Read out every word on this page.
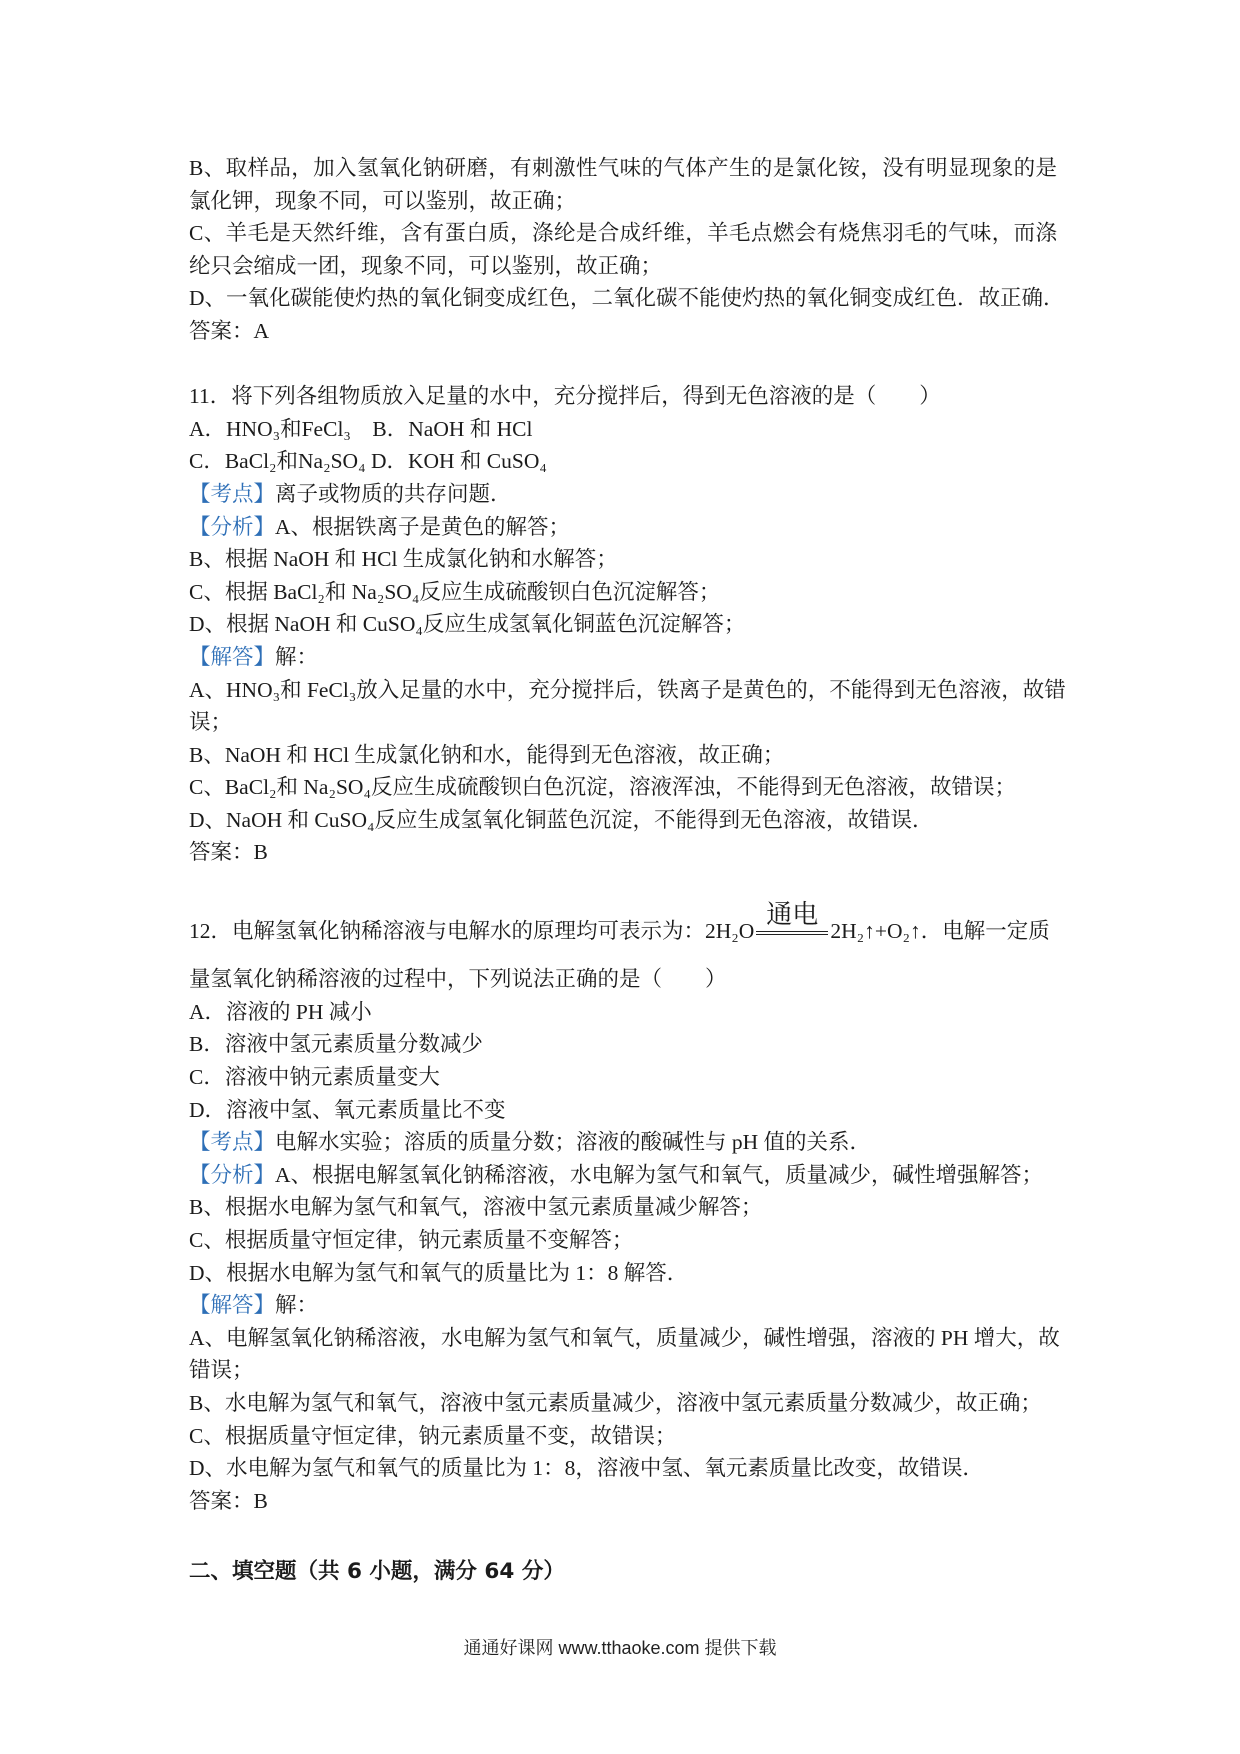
B、取样品，加入氢氧化钠研磨，有刺激性气味的气体产生的是氯化铵，没有明显现象的是
氯化钾，现象不同，可以鉴别，故正确；
C、羊毛是天然纤维，含有蛋白质，涤纶是合成纤维，羊毛点燃会有烧焦羽毛的气味，而涤
纶只会缩成一团，现象不同，可以鉴别，故正确；
D、一氧化碳能使灼热的氧化铜变成红色，二氧化碳不能使灼热的氧化铜变成红色．故正确．
答案：A
11．将下列各组物质放入足量的水中，充分搅拌后，得到无色溶液的是（　　）
A．HNO₃和FeCl₃　B．NaOH 和 HCl
C．BaCl₂和Na₂SO₄ D．KOH 和 CuSO₄
【考点】离子或物质的共存问题．
【分析】A、根据铁离子是黄色的解答；
B、根据 NaOH 和 HCl 生成氯化钠和水解答；
C、根据 BaCl₂和 Na₂SO₄反应生成硫酸钡白色沉淀解答；
D、根据 NaOH 和 CuSO₄反应生成氢氧化铜蓝色沉淀解答；
【解答】解：
A、HNO₃和 FeCl₃放入足量的水中，充分搅拌后，铁离子是黄色的，不能得到无色溶液，故错
误；
B、NaOH 和 HCl 生成氯化钠和水，能得到无色溶液，故正确；
C、BaCl₂和 Na₂SO₄反应生成硫酸钡白色沉淀，溶液浑浊，不能得到无色溶液，故错误；
D、NaOH 和 CuSO₄反应生成氢氧化铜蓝色沉淀，不能得到无色溶液，故错误．
答案：B
12．电解氢氧化钠稀溶液与电解水的原理均可表示为：2H₂O
通电
2H₂↑+O₂↑．电解一定质
量氢氧化钠稀溶液的过程中，下列说法正确的是（　　）
A．溶液的 PH 减小
B．溶液中氢元素质量分数减少
C．溶液中钠元素质量变大
D．溶液中氢、氧元素质量比不变
【考点】电解水实验；溶质的质量分数；溶液的酸碱性与 pH 值的关系．
【分析】A、根据电解氢氧化钠稀溶液，水电解为氢气和氧气，质量减少，碱性增强解答；
B、根据水电解为氢气和氧气，溶液中氢元素质量减少解答；
C、根据质量守恒定律，钠元素质量不变解答；
D、根据水电解为氢气和氧气的质量比为 1：8 解答．
【解答】解：
A、电解氢氧化钠稀溶液，水电解为氢气和氧气，质量减少，碱性增强，溶液的 PH 增大，故
错误；
B、水电解为氢气和氧气，溶液中氢元素质量减少，溶液中氢元素质量分数减少，故正确；
C、根据质量守恒定律，钠元素质量不变，故错误；
D、水电解为氢气和氧气的质量比为 1：8，溶液中氢、氧元素质量比改变，故错误．
答案：B
二、填空题（共 6 小题，满分 64 分）
通通好课网 www.tthaoke.com 提供下载
